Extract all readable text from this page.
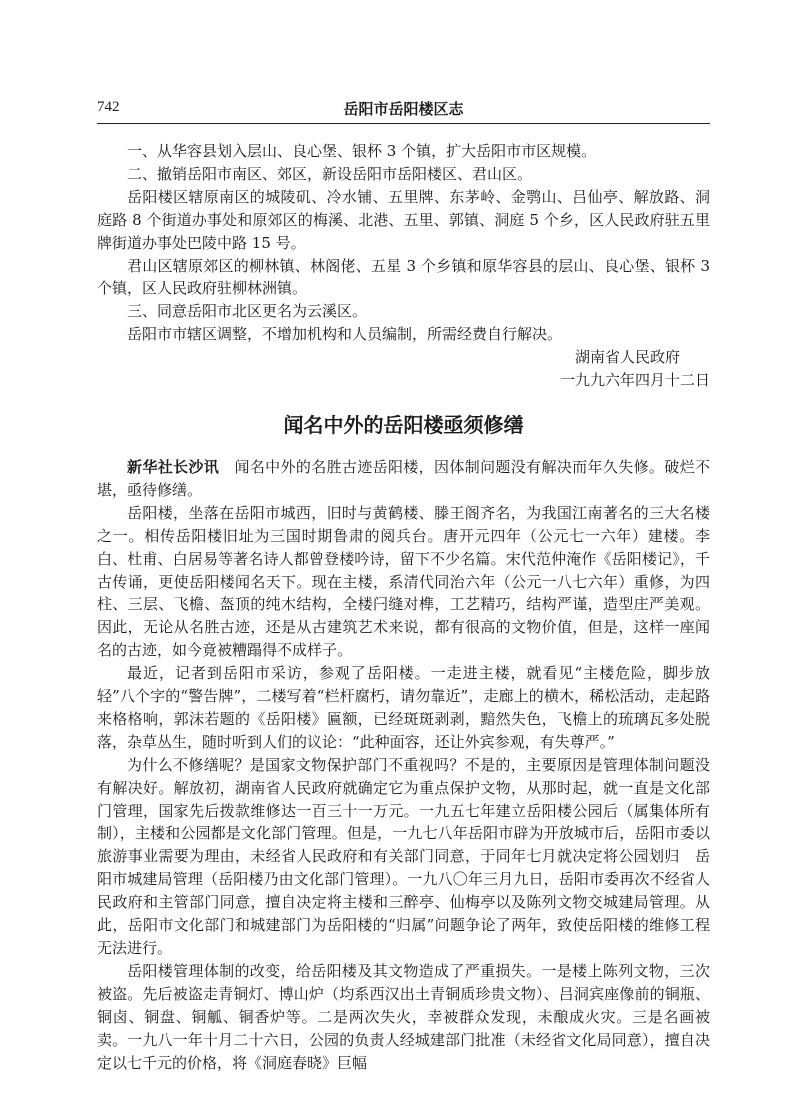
742	岳阳市岳阳楼区志

一、从华容县划入层山、良心堡、银杯 3 个镇，扩大岳阳市市区规模。

二、撤销岳阳市南区、郊区，新设岳阳市岳阳楼区、君山区。

岳阳楼区辖原南区的城陵矶、冷水铺、五里牌、东茅岭、金鹗山、吕仙亭、解放路、洞庭路 8 个街道办事处和原郊区的梅溪、北港、五里、郭镇、洞庭 5 个乡，区人民政府驻五里牌街道办事处巴陵中路 15 号。

君山区辖原郊区的柳林镇、林阁佬、五星 3 个乡镇和原华容县的层山、良心堡、银杯 3 个镇，区人民政府驻柳林洲镇。

三、同意岳阳市北区更名为云溪区。

岳阳市市辖区调整，不增加机构和人员编制，所需经费自行解决。

湖南省人民政府
一九九六年四月十二日
闻名中外的岳阳楼亟须修缮

新华社长沙讯　 闻名中外的名胜古迹岳阳楼，因体制问题没有解决而年久失修。破烂不堪，亟待修缮。

岳阳楼，坐落在岳阳市城西，旧时与黄鹤楼、滕王阁齐名，为我国江南著名的三大名楼之一。相传岳阳楼旧址为三国时期鲁肃的阅兵台。唐开元四年（公元七一六年）建楼。李白、杜甫、白居易等著名诗人都曾登楼吟诗，留下不少名篇。宋代范仲淹作《岳阳楼记》，千古传诵，更使岳阳楼闻名天下。现在主楼，系清代同治六年（公元一八七六年）重修，为四柱、三层、飞檐、盔顶的纯木结构，全楼闩缝对榫，工艺精巧，结构严谨，造型庄严美观。因此，无论从名胜古迹，还是从古建筑艺术来说，都有很高的文物价值，但是，这样一座闻名的古迹，如今竟被糟蹋得不成样子。

最近，记者到岳阳市采访，参观了岳阳楼。一走进主楼，就看见“主楼危险，脚步放轻”八个字的“警告牌”，二楼写着“栏杆腐朽，请勿靠近”，走廊上的横木，稀松活动，走起路来格格响，郭沫若题的《岳阳楼》匾额，已经斑斑剥剥，黯然失色，飞檐上的琉璃瓦多处脱落，杂草丛生，随时听到人们的议论：“此种面容，还让外宾参观，有失尊严。”

为什么不修缮呢？是国家文物保护部门不重视吗？不是的，主要原因是管理体制问题没有解决好。解放初，湖南省人民政府就确定它为重点保护文物，从那时起，就一直是文化部门管理，国家先后拨款维修达一百三十一万元。一九五七年建立岳阳楼公园后（属集体所有制），主楼和公园都是文化部门管理。但是，一九七八年岳阳市辟为开放城市后，岳阳市委以旅游事业需要为理由，未经省人民政府和有关部门同意，于同年七月就决定将公园划归　岳阳市城建局管理（岳阳楼乃由文化部门管理）。一九八〇年三月九日，岳阳市委再次不经省人民政府和主管部门同意，擅自决定将主楼和三醉亭、仙梅亭以及陈列文物交城建局管理。从此，岳阳市文化部门和城建部门为岳阳楼的“归属”问题争论了两年，致使岳阳楼的维修工程无法进行。

岳阳楼管理体制的改变，给岳阳楼及其文物造成了严重损失。一是楼上陈列文物，三次被盗。先后被盗走青铜灯、博山炉（均系西汉出土青铜质珍贵文物）、吕洞宾座像前的铜瓶、铜卤、铜盘、铜觚、铜香炉等。二是两次失火，幸被群众发现，未酿成火灾。三是名画被卖。一九八一年十月二十六日，公园的负责人经城建部门批准（未经省文化局同意），擅自决定以七千元的价格，将《洞庭春晓》巨幅
